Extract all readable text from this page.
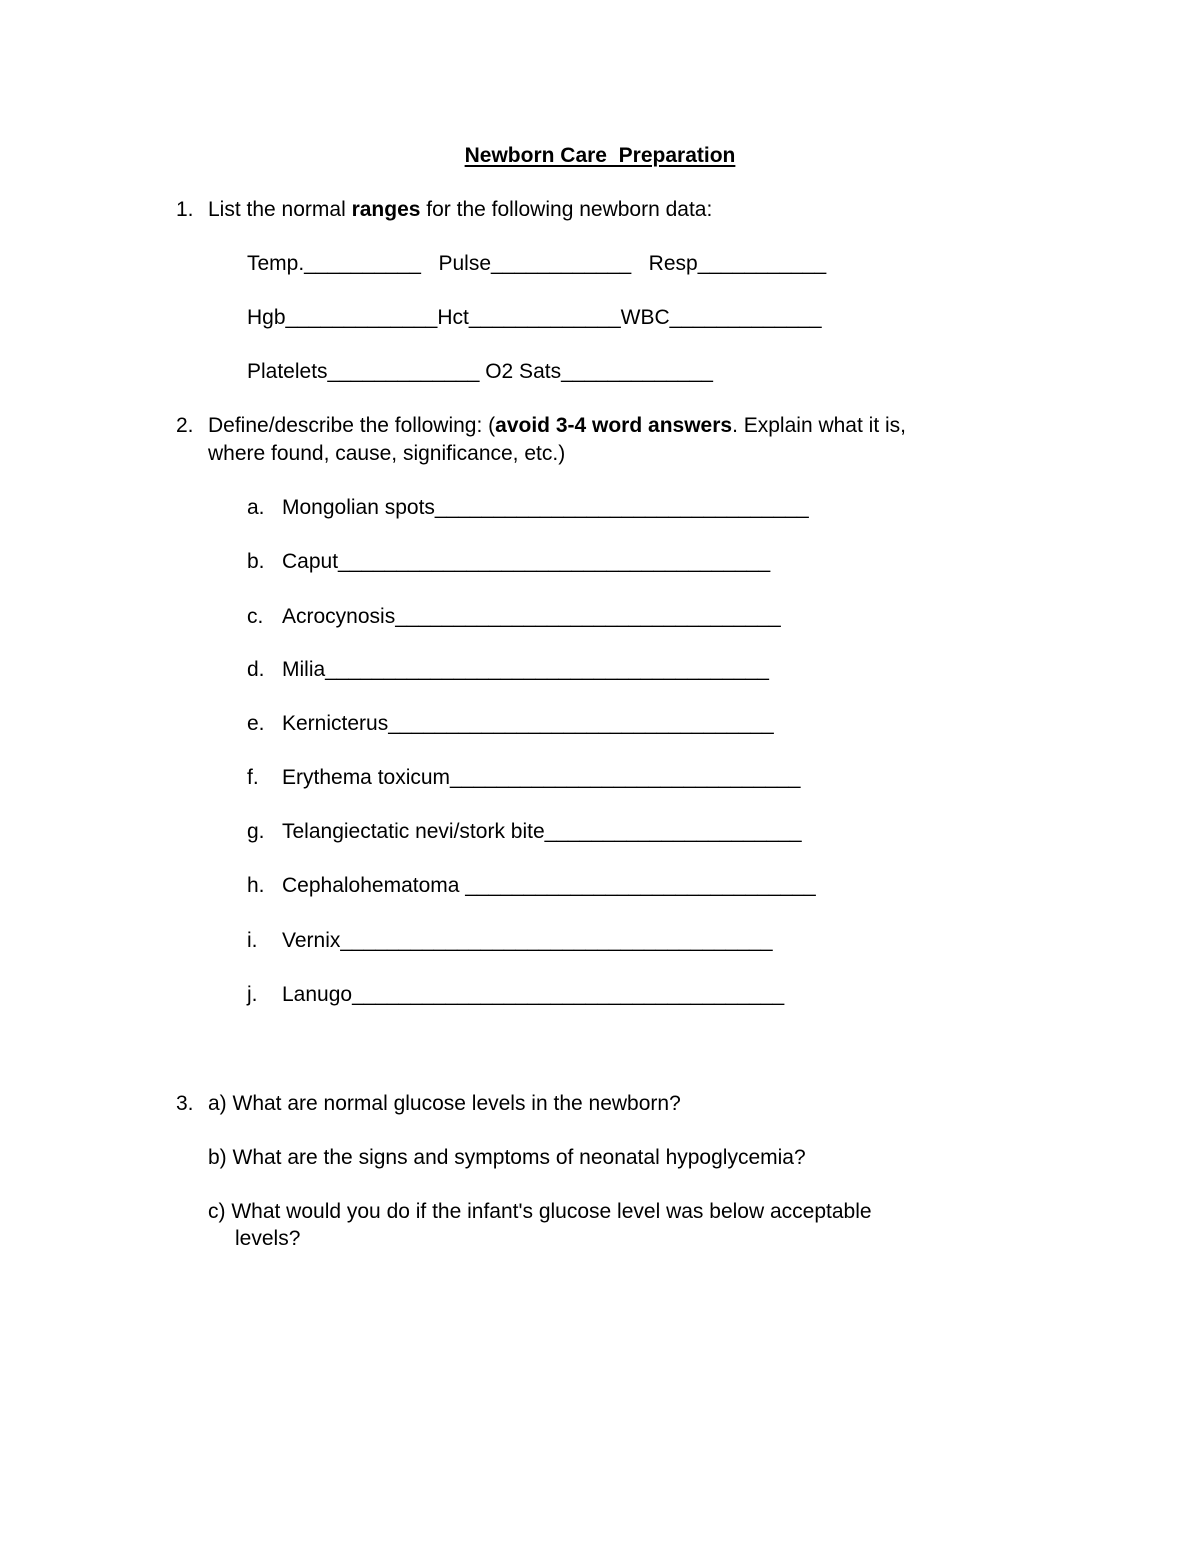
Newborn Care  Preparation
1. List the normal ranges for the following newborn data:
Temp.__________   Pulse____________   Resp___________
Hgb_____________Hct_____________WBC_____________
Platelets_____________ O2 Sats_____________
2. Define/describe the following: (avoid 3-4 word answers. Explain what it is,
where found, cause, significance, etc.)
a. Mongolian spots________________________________
b. Caput_____________________________________
c. Acrocynosis_________________________________
d. Milia______________________________________
e. Kernicterus_________________________________
f. Erythema toxicum______________________________
g. Telangiectatic nevi/stork bite______________________
h. Cephalohematoma ______________________________
i. Vernix_____________________________________
j. Lanugo_____________________________________
3. a) What are normal glucose levels in the newborn?
b) What are the signs and symptoms of neonatal hypoglycemia?
c) What would you do if the infant's glucose level was below acceptable
levels?
